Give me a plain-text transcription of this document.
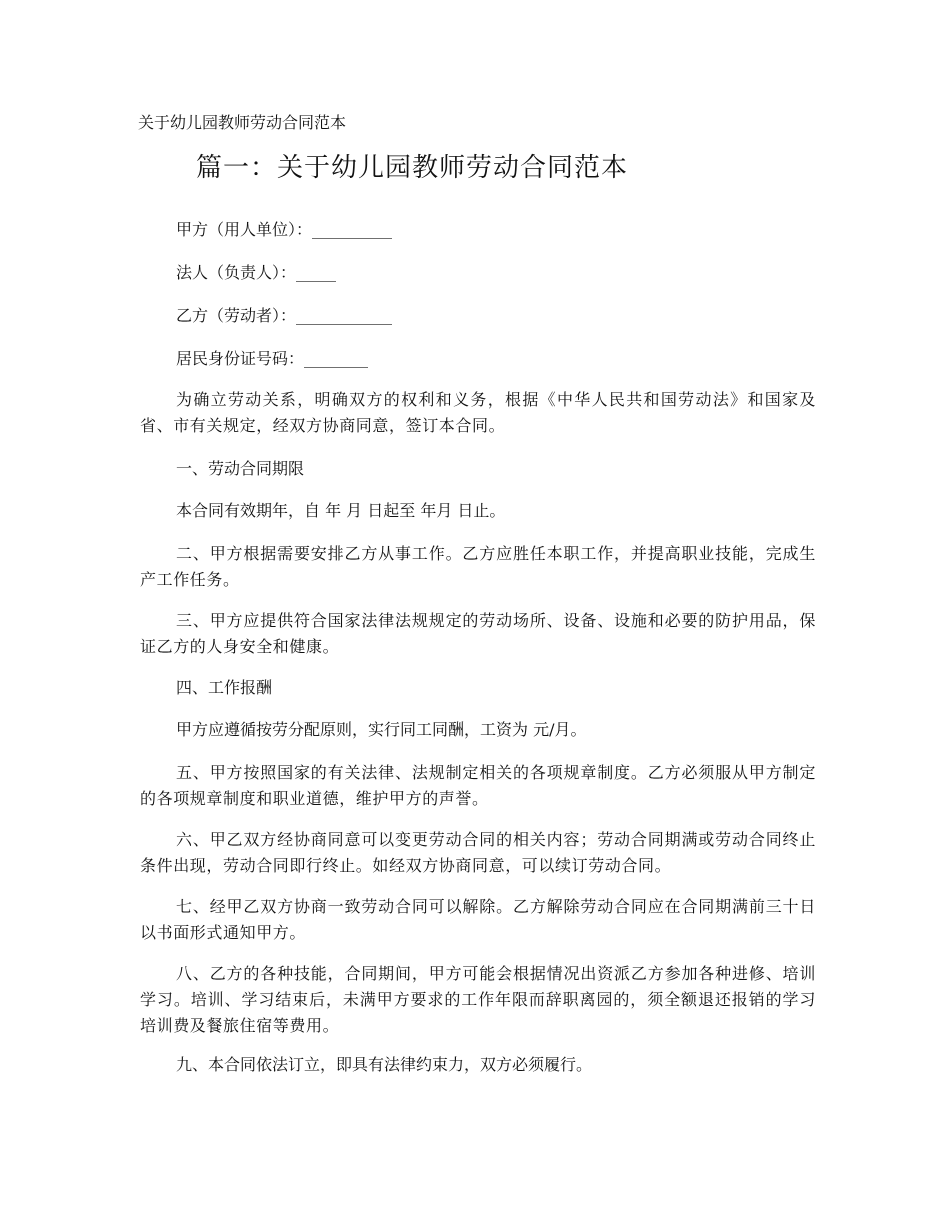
关于幼儿园教师劳动合同范本
篇一：关于幼儿园教师劳动合同范本
甲方（用人单位）：__________
法人（负责人）：_____
乙方（劳动者）：____________
居民身份证号码：________
为确立劳动关系，明确双方的权利和义务，根据《中华人民共和国劳动法》和国家及省、市有关规定，经双方协商同意，签订本合同。
一、劳动合同期限
本合同有效期年，自 年 月 日起至 年月 日止。
二、甲方根据需要安排乙方从事工作。乙方应胜任本职工作，并提高职业技能，完成生产工作任务。
三、甲方应提供符合国家法律法规规定的劳动场所、设备、设施和必要的防护用品，保证乙方的人身安全和健康。
四、工作报酬
甲方应遵循按劳分配原则，实行同工同酬，工资为 元/月。
五、甲方按照国家的有关法律、法规制定相关的各项规章制度。乙方必须服从甲方制定的各项规章制度和职业道德，维护甲方的声誉。
六、甲乙双方经协商同意可以变更劳动合同的相关内容；劳动合同期满或劳动合同终止条件出现，劳动合同即行终止。如经双方协商同意，可以续订劳动合同。
七、经甲乙双方协商一致劳动合同可以解除。乙方解除劳动合同应在合同期满前三十日以书面形式通知甲方。
八、乙方的各种技能，合同期间，甲方可能会根据情况出资派乙方参加各种进修、培训学习。培训、学习结束后，未满甲方要求的工作年限而辞职离园的，须全额退还报销的学习培训费及餐旅住宿等费用。
九、本合同依法订立，即具有法律约束力，双方必须履行。
